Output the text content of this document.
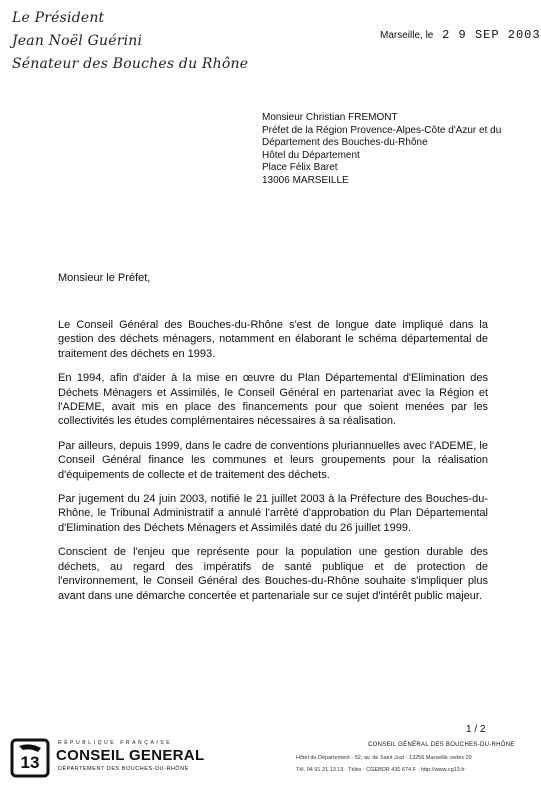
Le Président
Jean Noël Guérini
Sénateur des Bouches du Rhône
Marseille, le 2 9 SEP 2003
Monsieur Christian FREMONT
Préfet de la Région Provence-Alpes-Côte d'Azur et du
Département des Bouches-du-Rhône
Hôtel du Département
Place Félix Baret
13006 MARSEILLE
Monsieur le Préfet,

Le Conseil Général des Bouches-du-Rhône s'est de longue date impliqué dans la gestion des déchets ménagers, notamment en élaborant le schéma départemental de traitement des déchets en 1993.

En 1994, afin d'aider à la mise en œuvre du Plan Départemental d'Elimination des Déchets Ménagers et Assimilés, le Conseil Général en partenariat avec la Région et l'ADEME, avait mis en place des financements pour que soient menées par les collectivités les études complémentaires nécessaires à sa réalisation.

Par ailleurs, depuis 1999, dans le cadre de conventions pluriannuelles avec l'ADEME, le Conseil Général finance les communes et leurs groupements pour la réalisation d'équipements de collecte et de traitement des déchets.

Par jugement du 24 juin 2003, notifié le 21 juillet 2003 à la Préfecture des Bouches-du-Rhône, le Tribunal Administratif a annulé l'arrêté d'approbation du Plan Départemental d'Elimination des Déchets Ménagers et Assimilés daté du 26 juillet 1999.

Conscient de l'enjeu que représente pour la population une gestion durable des déchets, au regard des impératifs de santé publique et de protection de l'environnement, le Conseil Général des Bouches-du-Rhône souhaite s'impliquer plus avant dans une démarche concertée et partenariale sur ce sujet d'intérêt public majeur.

1 / 2
13
RÉPUBLIQUE FRANÇAISE
CONSEIL GENERAL
DÉPARTEMENT DES BOUCHES-DU-RHÔNE
CONSEIL GÉNÉRAL DES BOUCHES-DU-RHÔNE
Hôtel du Département · 52, av. de Saint Just · 13256 Marseille cedex 20
Tél. 04 91 21 13 13 · Télex : CGEBDR 430 674 F · http://www.cg13.fr
